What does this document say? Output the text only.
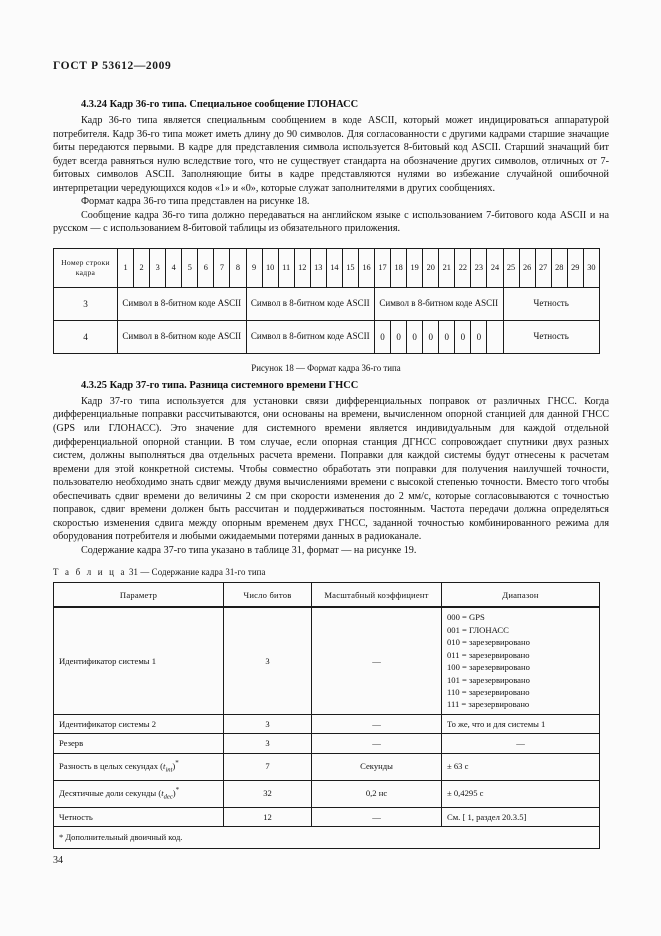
ГОСТ Р 53612—2009
4.3.24 Кадр 36-го типа. Специальное сообщение ГЛОНАСС

Кадр 36-го типа является специальным сообщением в коде ASCII, который может индицироваться аппаратурой потребителя. Кадр 36-го типа может иметь длину до 90 символов. Для согласованности с другими кадрами старшие значащие биты передаются первыми. В кадре для представления символа используется 8-битовый код ASCII. Старший значащий бит будет всегда равняться нулю вследствие того, что не существует стандарта на обозначение других символов, отличных от 7-битовых символов ASCII. Заполняющие биты в кадре представляются нулями во избежание случайной ошибочной интерпретации чередующихся кодов «1» и «0», которые служат заполнителями в других сообщениях.

Формат кадра 36-го типа представлен на рисунке 18.

Сообщение кадра 36-го типа должно передаваться на английском языке с использованием 7-битового кода ASCII и на русском — с использованием 8-битовой таблицы из обязательного приложения.

Номер строки кадра	1	2	3	4	5	6	7	8	9	10	11	12	13	14	15	16	17	18	19	20	21	22	23	24	25	26	27	28	29	30
3	Символ в 8-битном коде ASCII								Символ в 8-битном коде ASCII								Символ в 8-битном коде ASCII								Четность					
4	Символ в 8-битном коде ASCII								Символ в 8-битном коде ASCII								0	0	0	0	0	0	0		Четность					
Рисунок 18 — Формат кадра 36-го типа
4.3.25 Кадр 37-го типа. Разница системного времени ГНСС

Кадр 37-го типа используется для установки связи дифференциальных поправок от различных ГНСС. Когда дифференциальные поправки рассчитываются, они основаны на времени, вычисленном опорной станцией для данной ГНСС (GPS или ГЛОНАСС). Это значение для системного времени является индивидуальным для каждой отдельной дифференциальной опорной станции. В том случае, если опорная станция ДГНСС сопровождает спутники двух разных систем, должны выполняться два отдельных расчета времени. Поправки для каждой системы будут отнесены к расчетам времени для этой конкретной системы. Чтобы совместно обработать эти поправки для получения наилучшей точности, пользователю необходимо знать сдвиг между двумя вычислениями времени с высокой степенью точности. Вместо того чтобы обеспечивать сдвиг времени до величины 2 см при скорости изменения до 2 мм/с, которые согласовываются с точностью поправок, сдвиг времени должен быть рассчитан и поддерживаться постоянным. Частота передачи должна определяться скоростью изменения сдвига между опорным временем двух ГНСС, заданной точностью комбинированного режима для оборудования потребителя и любыми ожидаемыми потерями данных в радиоканале.

Содержание кадра 37-го типа указано в таблице 31, формат — на рисунке 19.

Т а б л и ц а 31 — Содержание кадра 31-го типа
Параметр	Число битов	Масштабный коэффициент	Диапазон
Идентификатор системы 1	3	—	000 = GPS
001 = ГЛОНАСС
010 = зарезервировано
011 = зарезервировано
100 = зарезервировано
101 = зарезервировано
110 = зарезервировано
111 = зарезервировано
Идентификатор системы 2	3	—	То же, что и для системы 1
Резерв	3	—	—
Разность в целых секундах $(t_{int})^*$	7	Секунды	± 63 с
Десятичные доли секунды $(t_{dec})^*$	32	0,2 нс	± 0,4295 с
Четность	12	—	См. [ 1, раздел 20.3.5]
* Дополнительный двоичный код.			
34
